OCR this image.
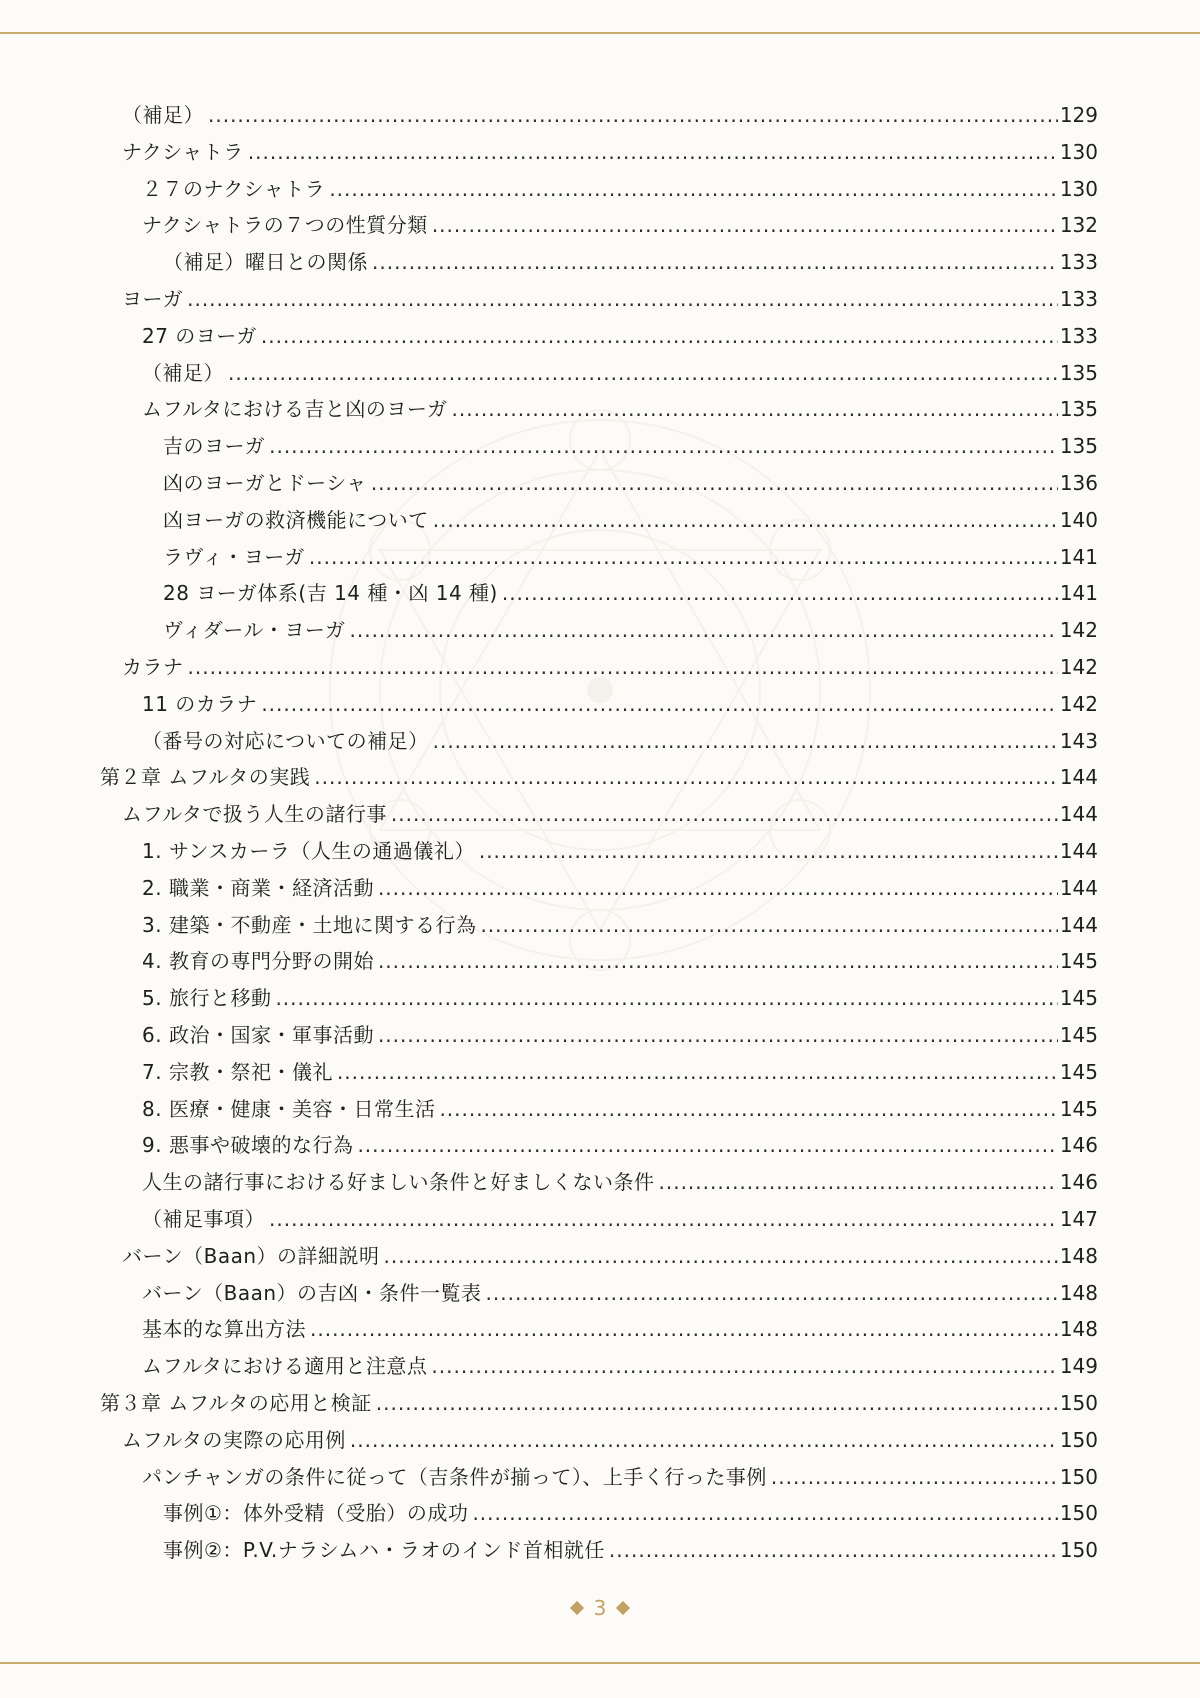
（補足） .....	129
ナクシャトラ .....	130
２７のナクシャトラ .....	130
ナクシャトラの７つの性質分類 .....	132
（補足）曜日との関係 .....	133
ヨーガ .....	133
27 のヨーガ .....	133
（補足） .....	135
ムフルタにおける吉と凶のヨーガ .....	135
吉のヨーガ .....	135
凶のヨーガとドーシャ .....	136
凶ヨーガの救済機能について .....	140
ラヴィ・ヨーガ .....	141
28 ヨーガ体系(吉 14 種・凶 14 種) .....	141
ヴィダール・ヨーガ .....	142
カラナ .....	142
11 のカラナ .....	142
（番号の対応についての補足） .....	143
第２章 ムフルタの実践 .....	144
ムフルタで扱う人生の諸行事 .....	144
1. サンスカーラ（人生の通過儀礼） .....	144
2. 職業・商業・経済活動 .....	144
3. 建築・不動産・土地に関する行為 .....	144
4. 教育の専門分野の開始 .....	145
5. 旅行と移動 .....	145
6. 政治・国家・軍事活動 .....	145
7. 宗教・祭祀・儀礼 .....	145
8. 医療・健康・美容・日常生活 .....	145
9. 悪事や破壊的な行為 .....	146
人生の諸行事における好ましい条件と好ましくない条件 .....	146
（補足事項） .....	147
バーン（Baan）の詳細説明 .....	148
バーン（Baan）の吉凶・条件一覧表 .....	148
基本的な算出方法 .....	148
ムフルタにおける適用と注意点 .....	149
第３章 ムフルタの応用と検証 .....	150
ムフルタの実際の応用例 .....	150
パンチャンガの条件に従って（吉条件が揃って）、上手く行った事例 .....	150
事例①：体外受精（受胎）の成功 .....	150
事例②：P.V.ナラシムハ・ラオのインド首相就任 .....	150
3
